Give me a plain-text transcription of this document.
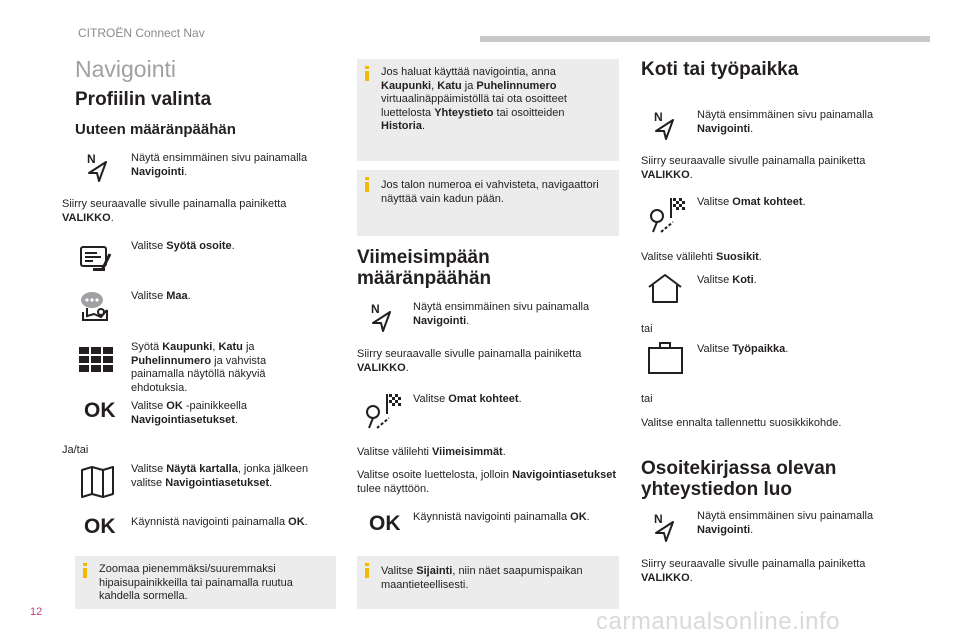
CITROËN Connect Nav
Navigointi
Profiilin valinta
Uuteen määränpäähän
N	Näytä ensimmäinen sivu painamalla Navigointi.
Siirry seuraavalle sivulle painamalla painiketta VALIKKO.
Valitse Syötä osoite.
Valitse Maa.
Syötä Kaupunki, Katu ja Puhelinnumero ja vahvista painamalla näytöllä näkyviä ehdotuksia.
OK Valitse OK -painikkeella Navigointiasetukset.
Ja/tai
Valitse Näytä kartalla, jonka jälkeen valitse Navigointiasetukset.
OK Käynnistä navigointi painamalla OK.
Zoomaa pienemmäksi/suuremmaksi hipaisupainikkeilla tai painamalla ruutua kahdella sormella.
Jos haluat käyttää navigointia, anna Kaupunki, Katu ja Puhelinnumero virtuaalinäppäimistöllä tai ota osoitteet luettelosta Yhteystieto tai osoitteiden Historia.
Jos talon numeroa ei vahvisteta, navigaattori näyttää vain kadun pään.
Viimeisimpään määränpäähän
N	Näytä ensimmäinen sivu painamalla Navigointi.
Siirry seuraavalle sivulle painamalla painiketta VALIKKO.
Valitse Omat kohteet.
Valitse välilehti Viimeisimmät.
Valitse osoite luettelosta, jolloin Navigointiasetukset tulee näyttöön.
OK Käynnistä navigointi painamalla OK.
Valitse Sijainti, niin näet saapumispaikan maantieteellisesti.
Koti tai työpaikka
N	Näytä ensimmäinen sivu painamalla Navigointi.
Siirry seuraavalle sivulle painamalla painiketta VALIKKO.
Valitse Omat kohteet.
Valitse välilehti Suosikit.
Valitse Koti.
tai
Valitse Työpaikka.
tai
Valitse ennalta tallennettu suosikkikohde.
Osoitekirjassa olevan yhteystiedon luo
N	Näytä ensimmäinen sivu painamalla Navigointi.
Siirry seuraavalle sivulle painamalla painiketta VALIKKO.
12	carmanualsonline.info
